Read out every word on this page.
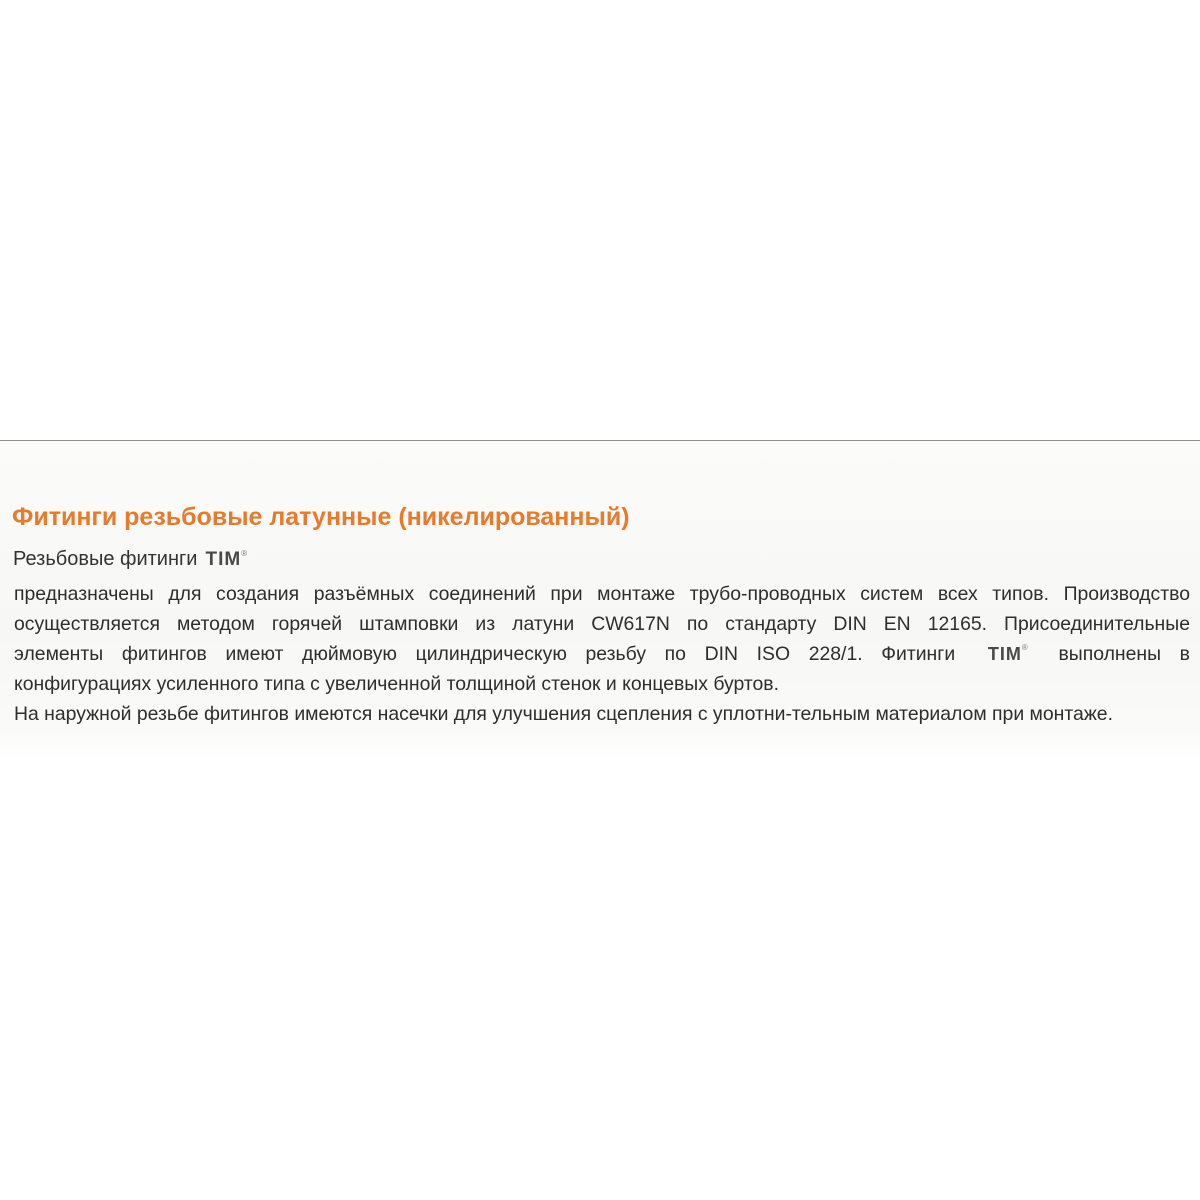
Фитинги резьбовые латунные (никелированный)
Резьбовые фитинги TIM ®
предназначены для создания разъёмных соединений при монтаже трубо-проводных систем всех типов. Производство
осуществляется методом горячей штамповки из латуни CW617N по стандарту DIN EN 12165. Присоединительные
элементы фитингов имеют дюймовую цилиндрическую резьбу по DIN ISO 228/1. Фитинги TIM ® выполнены в
конфигурациях усиленного типа с увеличенной толщиной стенок и концевых буртов.
На наружной резьбе фитингов имеются насечки для улучшения сцепления с уплотни-тельным материалом при монтаже.
